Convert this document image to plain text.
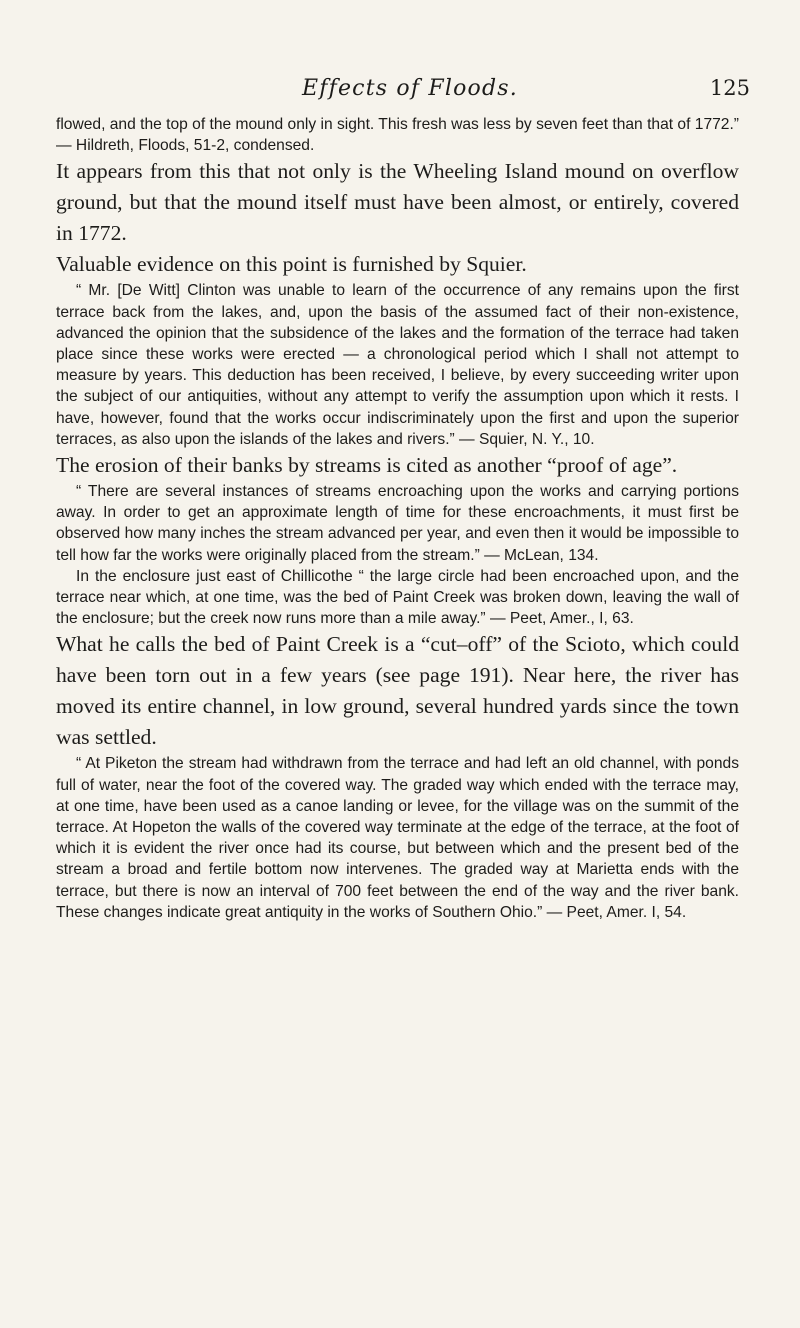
Effects of Floods.	125

flowed, and the top of the mound only in sight. This fresh was less by seven feet than that of 1772.” — Hildreth, Floods, 51-2, condensed.

It appears from this that not only is the Wheeling Island mound on overflow ground, but that the mound itself must have been almost, or entirely, covered in 1772.

Valuable evidence on this point is furnished by Squier.

“ Mr. [De Witt] Clinton was unable to learn of the occurrence of any remains upon the first terrace back from the lakes, and, upon the basis of the assumed fact of their non-existence, advanced the opinion that the subsidence of the lakes and the formation of the terrace had taken place since these works were erected — a chronological period which I shall not attempt to measure by years. This deduction has been received, I believe, by every succeeding writer upon the subject of our antiquities, without any attempt to verify the assumption upon which it rests. I have, however, found that the works occur indiscriminately upon the first and upon the superior terraces, as also upon the islands of the lakes and rivers.” — Squier, N. Y., 10.

The erosion of their banks by streams is cited as another “proof of age”.

“ There are several instances of streams encroaching upon the works and carrying portions away. In order to get an approximate length of time for these encroachments, it must first be observed how many inches the stream advanced per year, and even then it would be impossible to tell how far the works were originally placed from the stream.” — McLean, 134.

In the enclosure just east of Chillicothe “ the large circle had been encroached upon, and the terrace near which, at one time, was the bed of Paint Creek was broken down, leaving the wall of the enclosure; but the creek now runs more than a mile away.” — Peet, Amer., I, 63.

What he calls the bed of Paint Creek is a “cut–off” of the Scioto, which could have been torn out in a few years (see page 191). Near here, the river has moved its entire channel, in low ground, several hundred yards since the town was settled.

“ At Piketon the stream had withdrawn from the terrace and had left an old channel, with ponds full of water, near the foot of the covered way. The graded way which ended with the terrace may, at one time, have been used as a canoe landing or levee, for the village was on the summit of the terrace. At Hopeton the walls of the covered way terminate at the edge of the terrace, at the foot of which it is evident the river once had its course, but between which and the present bed of the stream a broad and fertile bottom now intervenes. The graded way at Marietta ends with the terrace, but there is now an interval of 700 feet between the end of the way and the river bank. These changes indicate great antiquity in the works of Southern Ohio.” — Peet, Amer. I, 54.
